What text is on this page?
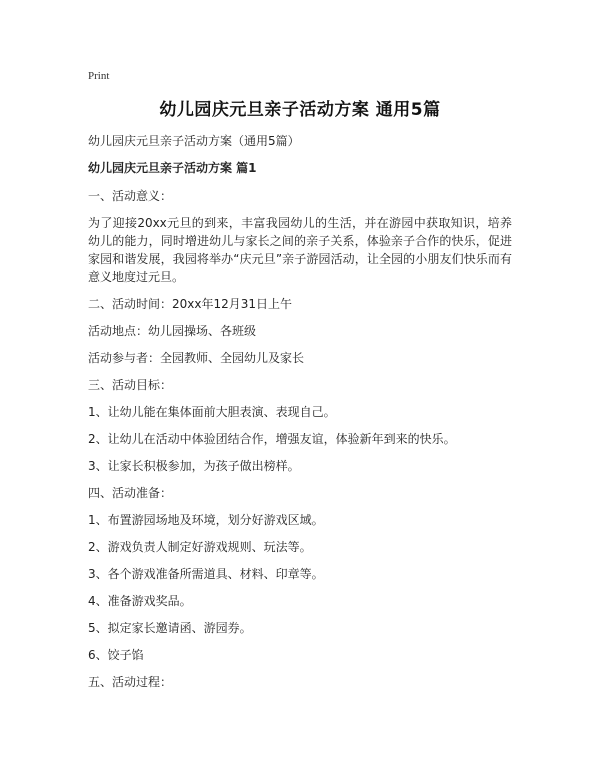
Print
幼儿园庆元旦亲子活动方案 通用5篇

幼儿园庆元旦亲子活动方案（通用5篇）

幼儿园庆元旦亲子活动方案 篇1

一、活动意义：

为了迎接20xx元旦的到来，丰富我园幼儿的生活，并在游园中获取知识，培养幼儿的能力，同时增进幼儿与家长之间的亲子关系，体验亲子合作的快乐，促进家园和谐发展，我园将举办“庆元旦”亲子游园活动，让全园的小朋友们快乐而有意义地度过元旦。

二、活动时间：20xx年12月31日上午

活动地点：幼儿园操场、各班级

活动参与者：全园教师、全园幼儿及家长

三、活动目标：

1、让幼儿能在集体面前大胆表演、表现自己。

2、让幼儿在活动中体验团结合作，增强友谊，体验新年到来的快乐。

3、让家长积极参加，为孩子做出榜样。

四、活动准备：

1、布置游园场地及环境，划分好游戏区域。

2、游戏负责人制定好游戏规则、玩法等。

3、各个游戏准备所需道具、材料、印章等。

4、准备游戏奖品。

5、拟定家长邀请函、游园券。

6、饺子馅

五、活动过程：
